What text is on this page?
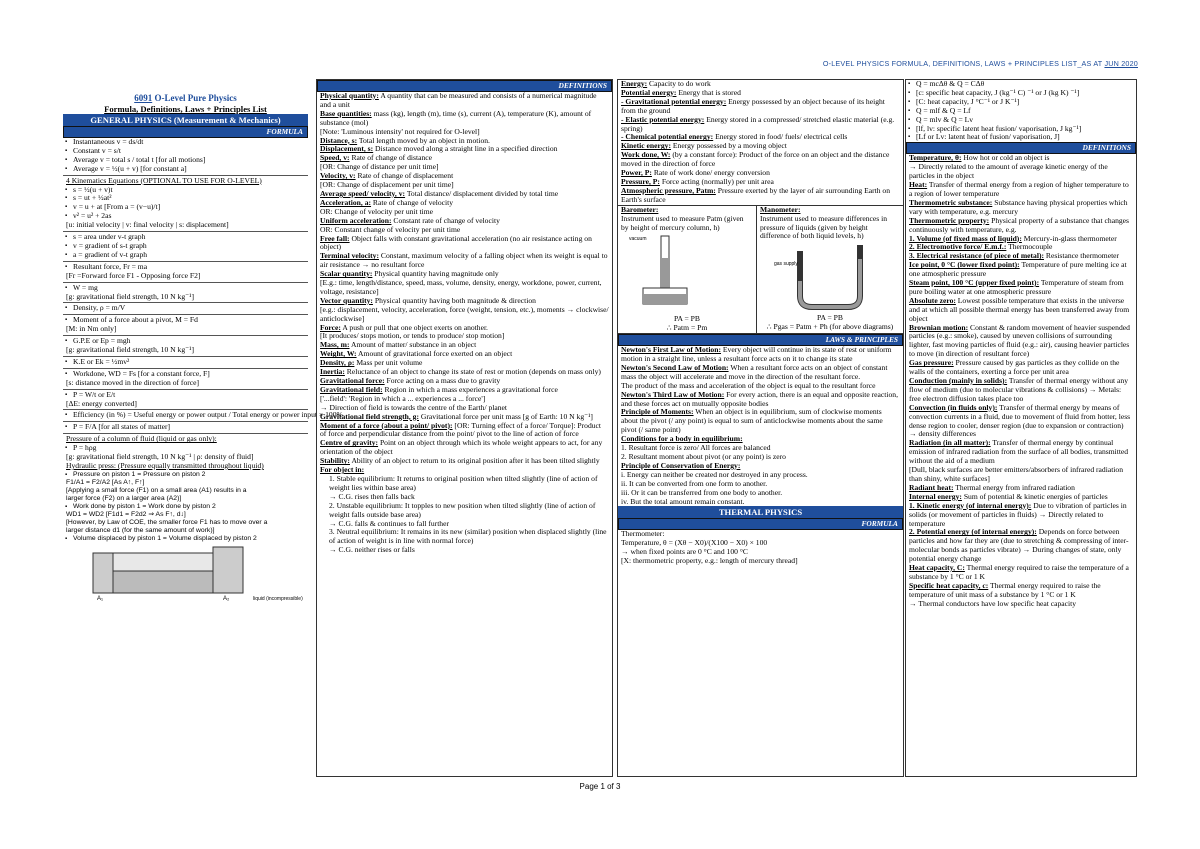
O-LEVEL PHYSICS FORMULA, DEFINITIONS, LAWS + PRINCIPLES LIST_AS AT JUN 2020
6091 O-Level Pure Physics
Formula, Definitions, Laws + Principles List
GENERAL PHYSICS (Measurement & Mechanics)
FORMULA
▪ Instantaneous v = ds/dt
▪ Constant v = s/t
▪ Average v = total s / total t [for all motions]
▪ Average v = ½(u + v) [for constant a]
4 Kinematics Equations (OPTIONAL TO USE FOR O-LEVEL)
▪ s = ½(u + v)t
▪ s = ut + ½at²
▪ v = u + at [From a = (v−u)/t]
▪ v² = u² + 2as
[u: initial velocity | v: final velocity | s: displacement]
▪ s = area under v-t graph
▪ v = gradient of s-t graph
▪ a = gradient of v-t graph
▪ Resultant force, Fr = ma
[Fr =Forward force F1 - Opposing force F2]
▪ W = mg
[g: gravitational field strength, 10 N kg⁻¹]
▪ Density, ρ = m/V
▪ Moment of a force about a pivot, M = Fd
[M: in Nm only]
▪ G.P.E or Ep = mgh
[g: gravitational field strength, 10 N kg⁻¹]
▪ K.E or Ek = ½mv²
▪ Workdone, WD = Fs [for a constant force, F]
[s: distance moved in the direction of force]
▪ P = W/t or E/t
[ΔE: energy converted]
▪ Efficiency (in %) = Useful energy or power output / Total energy or power input × 100%
▪ P = F/A [for all states of matter]
Pressure of a column of fluid (liquid or gas only):
▪ P = hρg
[g: gravitational field strength, 10 N kg⁻¹ | ρ: density of fluid]
Hydraulic press: (Pressure equally transmitted throughout liquid)
▪ Pressure on piston 1 = Pressure on piston 2
F1/A1 = F2/A2 [As A↑, F↑]
[Applying a small force (F1) on a small area (A1) results in a
larger force (F2) on a larger area (A2)]
▪ Work done by piston 1 = Work done by piston 2
WD1 = WD2 [F1d1 = F2d2 ⇒ As F↑, d↓]
[However, by Law of COE, the smaller force F1 has to move over a
larger distance d1 (for the same amount of work)]
▪ Volume displaced by piston 1 = Volume displaced by piston 2
A₁	A₂	liquid (incompressible)
DEFINITIONS
Physical quantity: A quantity that can be measured and consists of a numerical magnitude and a unit
Base quantities: mass (kg), length (m), time (s), current (A), temperature (K), amount of substance (mol)
[Note: 'Luminous intensity' not required for O-level]
Distance, s: Total length moved by an object in motion.
Displacement, s: Distance moved along a straight line in a specified direction
Speed, v: Rate of change of distance
[OR: Change of distance per unit time]
Velocity, v: Rate of change of displacement
[OR: Change of displacement per unit time]
Average speed/ velocity, v: Total distance/ displacement divided by total time
Acceleration, a: Rate of change of velocity
OR: Change of velocity per unit time
Uniform acceleration: Constant rate of change of velocity
OR: Constant change of velocity per unit time
Free fall: Object falls with constant gravitational acceleration (no air resistance acting on object)
Terminal velocity: Constant, maximum velocity of a falling object when its weight is equal to air resistance → no resultant force
Scalar quantity: Physical quantity having magnitude only
[E.g.: time, length/distance, speed, mass, volume, density, energy, workdone, power, current, voltage, resistance]
Vector quantity: Physical quantity having both magnitude & direction
[e.g.: displacement, velocity, acceleration, force (weight, tension, etc.), moments → clockwise/ anticlockwise]
Force: A push or pull that one object exerts on another.
[It produces/ stops motion, or tends to produce/ stop motion]
Mass, m: Amount of matter/ substance in an object
Weight, W: Amount of gravitational force exerted on an object
Density, ρ: Mass per unit volume
Inertia: Reluctance of an object to change its state of rest or motion (depends on mass only)
Gravitational force: Force acting on a mass due to gravity
Gravitational field: Region in which a mass experiences a gravitational force
['...field': 'Region in which a ... experiences a ... force']
→ Direction of field is towards the centre of the Earth/ planet
Gravitational field strength, g: Gravitational force per unit mass [g of Earth: 10 N kg⁻¹]
Moment of a force (about a point/ pivot): [OR: Turning effect of a force/ Torque]: Product of force and perpendicular distance from the point/ pivot to the line of action of force
Centre of gravity: Point on an object through which its whole weight appears to act, for any orientation of the object
Stability: Ability of an object to return to its original position after it has been tilted slightly
For object in:
1. Stable equilibrium: It returns to original position when tilted slightly (line of action of weight lies within base area)
→ C.G. rises then falls back
2. Unstable equilibrium: It topples to new position when tilted slightly (line of action of weight falls outside base area)
→ C.G. falls & continues to fall further
3. Neutral equilibrium: It remains in its new (similar) position when displaced slightly (line of action of weight is in line with normal force)
→ C.G. neither rises or falls
Energy: Capacity to do work
Potential energy: Energy that is stored
- Gravitational potential energy: Energy possessed by an object because of its height from the ground
- Elastic potential energy: Energy stored in a compressed/ stretched elastic material (e.g. spring)
- Chemical potential energy: Energy stored in food/ fuels/ electrical cells
Kinetic energy: Energy possessed by a moving object
Work done, W: (by a constant force): Product of the force on an object and the distance moved in the direction of force
Power, P: Rate of work done/ energy conversion
Pressure, P: Force acting (normally) per unit area
Atmospheric pressure, Patm: Pressure exerted by the layer of air surrounding Earth on Earth's surface
Barometer:
Instrument used to measure Patm (given by height of mercury column, h)
vacuum
PA = PB
∴ Patm = Pm
Manometer:
Instrument used to measure differences in pressure of liquids (given by height difference of both liquid levels, h)
gas supply
PA = PB
∴ Pgas = Patm + Ph (for above diagrams)
LAWS & PRINCIPLES
Newton's First Law of Motion: Every object will continue in its state of rest or uniform motion in a straight line, unless a resultant force acts on it to change its state
Newton's Second Law of Motion: When a resultant force acts on an object of constant mass the object will accelerate and move in the direction of the resultant force.
The product of the mass and acceleration of the object is equal to the resultant force
Newton's Third Law of Motion: For every action, there is an equal and opposite reaction, and these forces act on mutually opposite bodies
Principle of Moments: When an object is in equilibrium, sum of clockwise moments about the pivot (/ any point) is equal to sum of anticlockwise moments about the same pivot (/ same point)
Conditions for a body in equilibrium:
1. Resultant force is zero/ All forces are balanced
2. Resultant moment about pivot (or any point) is zero
Principle of Conservation of Energy:
i. Energy can neither be created nor destroyed in any process.
ii. It can be converted from one form to another.
iii. Or it can be transferred from one body to another.
iv. But the total amount remain constant.
THERMAL PHYSICS
FORMULA
Thermometer:
Temperature, θ = (Xθ − X0)/(X100 − X0) × 100
→ when fixed points are 0 °C and 100 °C
[X: thermometric property, e.g.: length of mercury thread]
▪ Q = mcΔθ & Q = CΔθ
▪ [c: specific heat capacity, J (kg⁻¹ C) ⁻¹ or J (kg K) ⁻¹]
▪ [C: heat capacity, J °C⁻¹ or J K⁻¹]
▪ Q = mlf & Q = Lf
▪ Q = mlv & Q = Lv
▪ [lf, lv: specific latent heat fusion/ vaporisation, J kg⁻¹]
▪ [Lf or Lv: latent heat of fusion/ vaporisation, J]
DEFINITIONS
Temperature, θ: How hot or cold an object is
→ Directly related to the amount of average kinetic energy of the particles in the object
Heat: Transfer of thermal energy from a region of higher temperature to a region of lower temperature
Thermometric substance: Substance having physical properties which vary with temperature, e.g. mercury
Thermometric property: Physical property of a substance that changes continuously with temperature, e.g.
1. Volume (of fixed mass of liquid): Mercury-in-glass thermometer
2. Electromotive force/ E.m.f.: Thermocouple
3. Electrical resistance (of piece of metal): Resistance thermometer
Ice point, 0 °C (lower fixed point): Temperature of pure melting ice at one atmospheric pressure
Steam point, 100 °C (upper fixed point): Temperature of steam from pure boiling water at one atmospheric pressure
Absolute zero: Lowest possible temperature that exists in the universe and at which all possible thermal energy has been transferred away from object
Brownian motion: Constant & random movement of heavier suspended particles (e.g.: smoke), caused by uneven collisions of surrounding lighter, fast moving particles of fluid (e.g.: air), causing heavier particles to move (in direction of resultant force)
Gas pressure: Pressure caused by gas particles as they collide on the walls of the containers, exerting a force per unit area
Conduction (mainly in solids): Transfer of thermal energy without any flow of medium (due to molecular vibrations & collisions) → Metals: free electron diffusion takes place too
Convection (in fluids only): Transfer of thermal energy by means of convection currents in a fluid, due to movement of fluid from hotter, less dense region to cooler, denser region (due to expansion or contraction) → density differences
Radiation (in all matter): Transfer of thermal energy by continual emission of infrared radiation from the surface of all bodies, transmitted without the aid of a medium
[Dull, black surfaces are better emitters/absorbers of infrared radiation than shiny, white surfaces]
Radiant heat: Thermal energy from infrared radiation
Internal energy: Sum of potential & kinetic energies of particles
1. Kinetic energy (of internal energy): Due to vibration of particles in solids (or movement of particles in fluids) → Directly related to temperature
2. Potential energy (of internal energy): Depends on force between particles and how far they are (due to stretching & compressing of inter-molecular bonds as particles vibrate) → During changes of state, only potential energy change
Heat capacity, C: Thermal energy required to raise the temperature of a substance by 1 °C or 1 K
Specific heat capacity, c: Thermal energy required to raise the temperature of unit mass of a substance by 1 °C or 1 K
→ Thermal conductors have low specific heat capacity
Page 1 of 3
